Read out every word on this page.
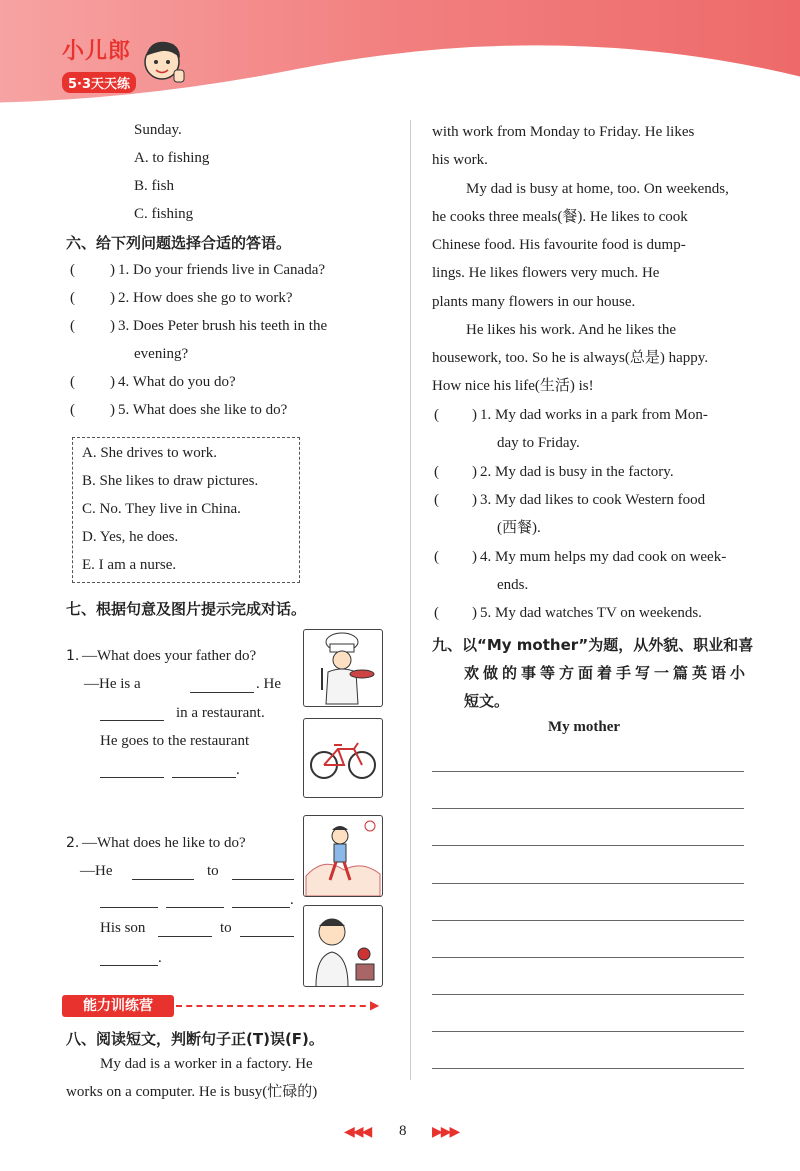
小儿郎
5·3天天练
Sunday.
A. to fishing
B. fish
C. fishing
六、给下列问题选择合适的答语。
( ) 1. Do your friends live in Canada?
( ) 2. How does she go to work?
( ) 3. Does Peter brush his teeth in the
evening?
( ) 4. What do you do?
( ) 5. What does she like to do?
A. She drives to work.
B. She likes to draw pictures.
C. No. They live in China.
D. Yes, he does.
E. I am a nurse.
七、根据句意及图片提示完成对话。
1. —What does your father do?
—He is a	. He
in a restaurant.
He goes to the restaurant
.
2. —What does he like to do?
—He	to
.
His son	to
.
能力训练营	▶
八、阅读短文，判断句子正(T)误(F)。
My dad is a worker in a factory. He
works on a computer. He is busy(忙碌的)
with work from Monday to Friday. He likes
his work.
My dad is busy at home, too. On weekends,
he cooks three meals(餐). He likes to cook
Chinese food. His favourite food is dump-
lings. He likes flowers very much. He
plants many flowers in our house.
He likes his work. And he likes the
housework, too. So he is always(总是) happy.
How nice his life(生活) is!
( ) 1. My dad works in a park from Mon-
day to Friday.
( ) 2. My dad is busy in the factory.
( ) 3. My dad likes to cook Western food
(西餐).
( ) 4. My mum helps my dad cook on week-
ends.
( ) 5. My dad watches TV on weekends.
九、以“My mother”为题，从外貌、职业和喜
欢做的事等方面着手写一篇英语小
短文。
My mother
◀◀◀ 8 ▶▶▶
